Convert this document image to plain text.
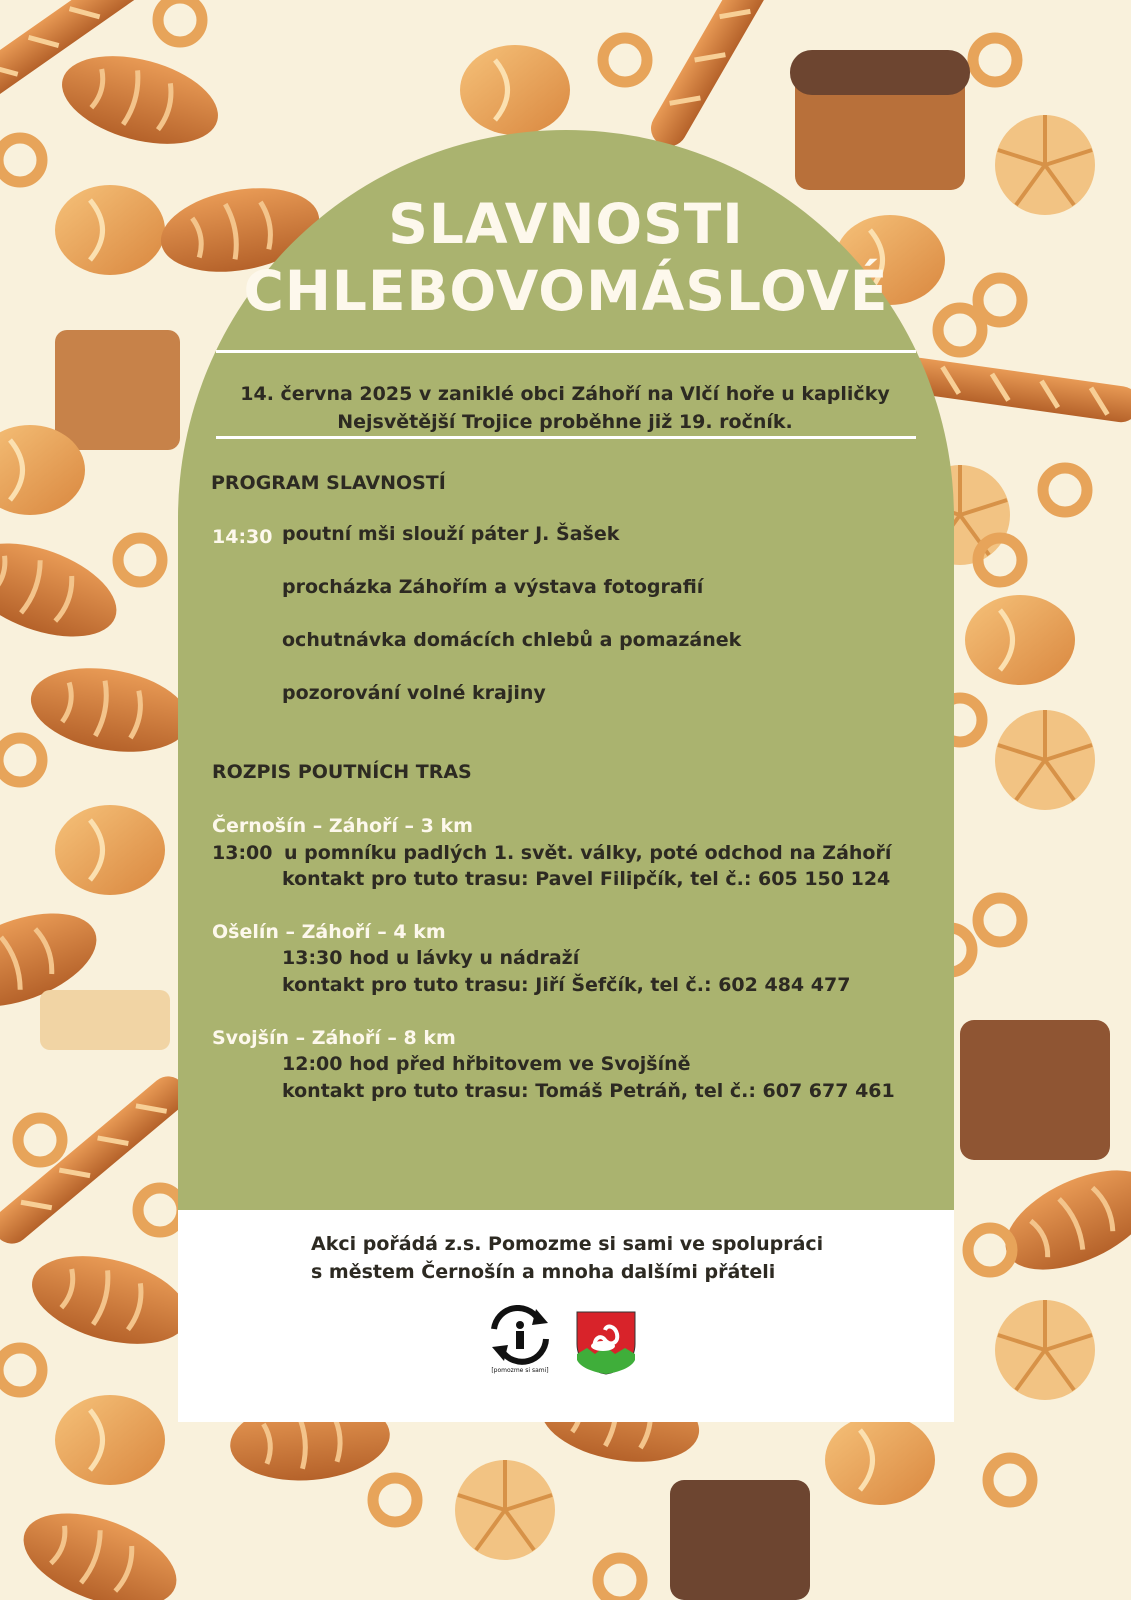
SLAVNOSTI
CHLEBOVOMÁSLOVÉ
14. června 2025 v zaniklé obci Záhoří na Vlčí hoře u kapličky
Nejsvětější Trojice proběhne již 19. ročník.
PROGRAM SLAVNOSTÍ
14:30 poutní mši slouží páter J. Šašek
procházka Záhořím a výstava fotografií
ochutnávka domácích chlebů a pomazánek
pozorování volné krajiny
ROZPIS POUTNÍCH TRAS
Černošín – Záhoří – 3 km
13:00 u pomníku padlých 1. svět. války, poté odchod na Záhoří
kontakt pro tuto trasu: Pavel Filipčík, tel č.: 605 150 124
Ošelín – Záhoří – 4 km
13:30 hod u lávky u nádraží
kontakt pro tuto trasu: Jiří Šefčík, tel č.: 602 484 477
Svojšín – Záhoří – 8 km
12:00 hod před hřbitovem ve Svojšíně
kontakt pro tuto trasu: Tomáš Petráň, tel č.: 607 677 461
Akci pořádá z.s. Pomozme si sami ve spolupráci
s městem Černošín a mnoha dalšími přáteli
[pomozme si sami]
